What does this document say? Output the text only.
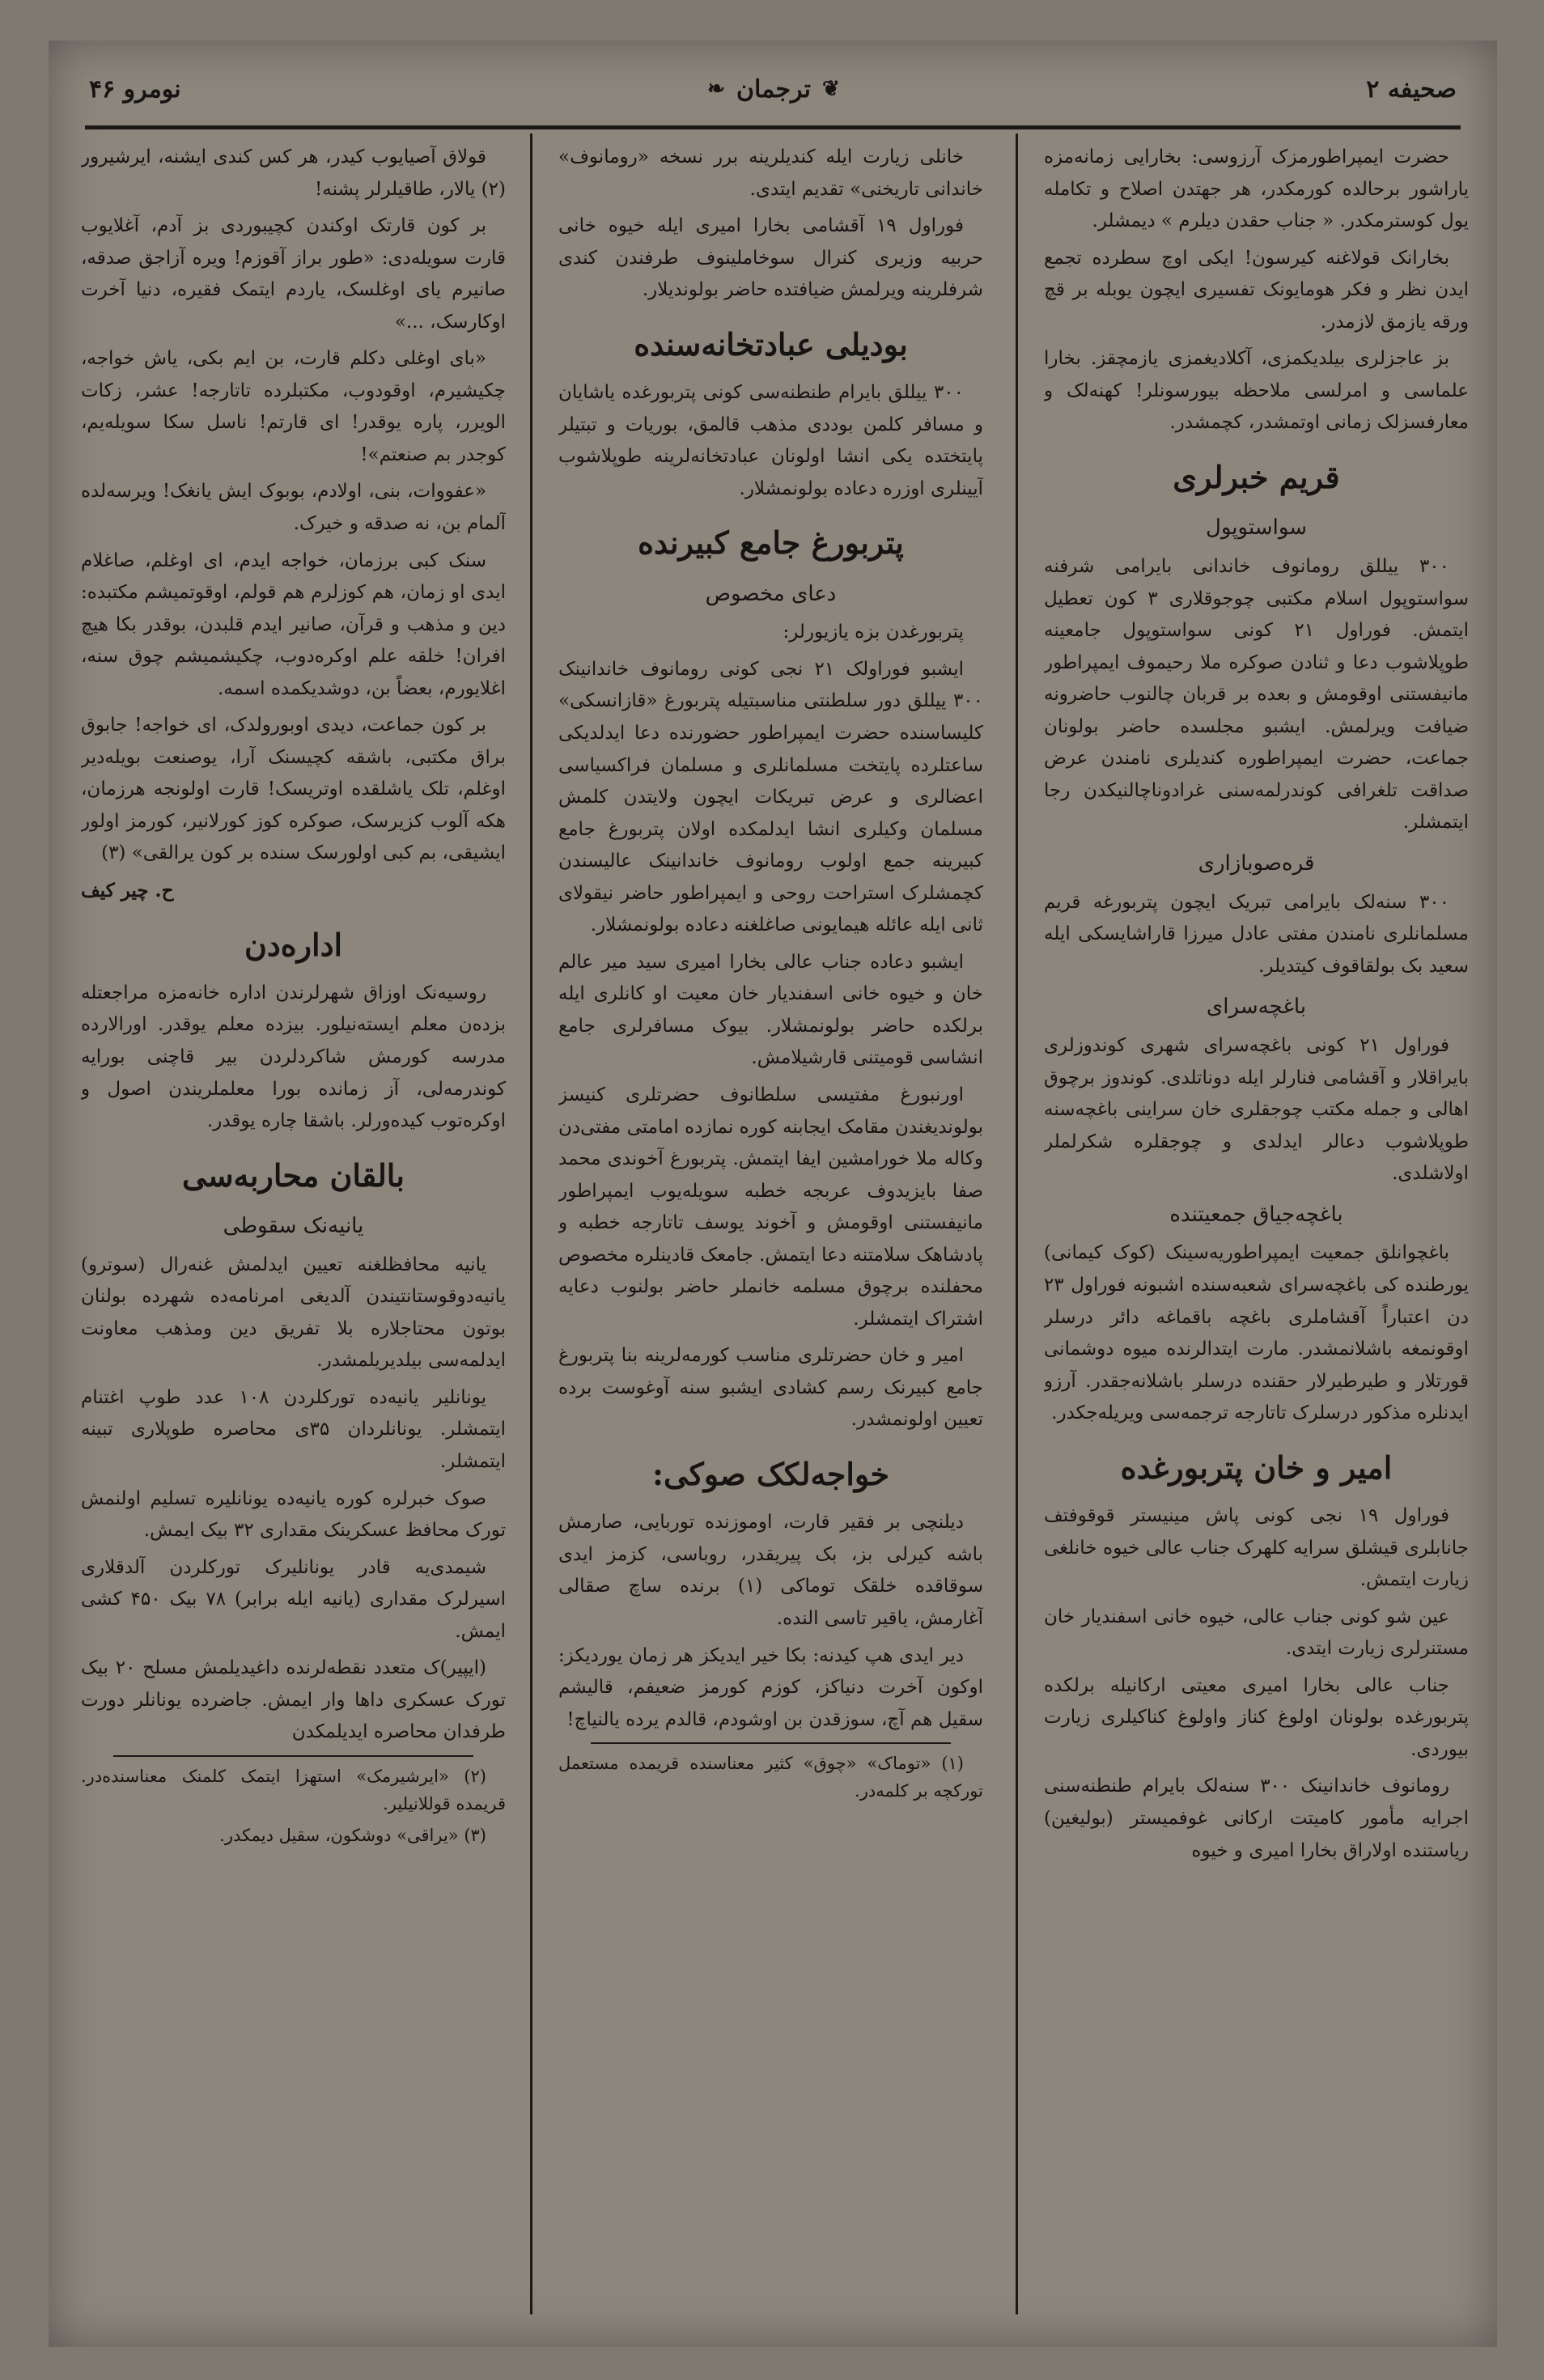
صحیفه ۲
❦
ترجمان
❧
نومرو ۴۶

حضرت ایمپراطورمزک آرزوسی: بخارایی زمانه‌مزه یاراشور برحالده کورمکدر، هر جهتدن اصلاح و تکامله یول کوسترمکدر. « جناب حقدن دیلرم » دیمشلر.

بخارانک قولاغنه کیرسون! ایکی اوچ سطرده تجمع ایدن نظر و فکر هومایونک تفسیری ایچون یوبله بر قچ ورقه یازمق لازمدر.

بز عاجزلری بیلدیکمزی، آکلادیغمزی یازمچقز. بخارا علماسی و امرلسی ملاحظه بیورسونلر! کهنه‌لک و معارفسزلک زمانی اوتمشدر، کچمشدر.

قریم خبرلری
سواستوپول

۳۰۰ ییللق رومانوف خاندانی بایرامی شرفنه سواستوپول اسلام مکتبی چوجوقلاری ۳ کون تعطیل ایتمش. فوراول ۲۱ کونی سواستوپول جامعینه طوپلاشوب دعا و ثنادن صوکره ملا رحیموف ایمپراطور مانیفستنی اوقومش و بعده بر قربان چالنوب حاضرونه ضیافت ویرلمش. ایشبو مجلسده حاضر بولونان جماعت، حضرت ایمپراطوره کندیلری نامندن عرض صداقت تلغرافی کوندرلمه‌سنی غرادوناچالنیکدن رجا ایتمشلر.

قره‌صوبازاری

۳۰۰ سنه‌لک بایرامی تبریک ایچون پتربورغه قریم مسلمانلری نامندن مفتی عادل میرزا قاراشایسکی ایله سعید بک بولقاقوف کیتدیلر.

باغچه‌سرای

فوراول ۲۱ کونی باغچه‌سرای شهری کوندوزلری بایراقلار و آقشامی فنارلر ایله دوناتلدی. کوندوز برچوق اهالی و جمله مکتب چوجقلری خان سراینی باغچه‌سنه طوپلاشوب دعالر ایدلدی و چوجقلره شکرلملر اولاشلدی.

باغچه‌جیاق جمعیتنده

باغچوانلق جمعیت ایمپراطوریه‌سینک (کوک کیمانی) یورطنده کی باغچه‌سرای شعبه‌سنده اشبونه فوراول ۲۳ دن اعتباراً آقشاملری باغچه باقماغه دائر درسلر اوقونمغه باشلانمشدر. مارت ایتدالرنده میوه دوشمانی قورتلار و طیرطیرلار حقنده درسلر باشلانه‌جقدر. آرزو ایدنلره مذکور درسلرک تاتارجه ترجمه‌سی ویریله‌جکدر.

امیر و خان پتربورغده

فوراول ۱۹ نجی کونی پاش مینیستر قوقوفتف جانابلری قیشلق سرایه کلهرک جناب عالی خیوه خانلغی زیارت ایتمش.

عین شو کونی جناب عالی، خیوه خانی اسفندیار خان مستنرلری زیارت ایتدی.

جناب عالی بخارا امیری معیتی ارکانیله برلکده پتربورغده بولونان اولوغ کناز واولوغ کناکیلری زیارت بیوردی.

رومانوف خاندانینک ۳۰۰ سنه‌لک بایرام طنطنه‌سنی اجرایه مأمور کامیتت ارکانی غوفمیستر (بولیغین) ریاستنده اولاراق بخارا امیری و خیوه

خانلی زیارت ایله کندیلرینه برر نسخه «رومانوف» خاندانی تاریخنی» تقدیم ایتدی.

فوراول ۱۹ آقشامی بخارا امیری ایله خیوه خانی حربیه وزیری کنرال سوخاملینوف طرفندن کندی شرفلرینه ویرلمش ضیافتده حاضر بولوندیلار.

بودیلی عبادتخانه‌سنده

۳۰۰ ییللق بایرام طنطنه‌سی کونی پتربورغده یاشایان و مسافر کلمن بوددی مذهب قالمق، بوریات و تبتیلر پایتختده یکی انشا اولونان عبادتخانه‌لرینه طوپلاشوب آیینلری اوزره دعاده بولونمشلار.

پتربورغ جامع کبیرنده
دعای مخصوص

پتربورغدن بزه یازیورلر:

ایشبو فوراولک ۲۱ نجی کونی رومانوف خاندانینک ۳۰۰ ییللق دور سلطنتی مناسبتیله پتربورغ «قازانسکی» کلیساسنده حضرت ایمپراطور حضورنده دعا ایدلدیکی ساعتلرده پایتخت مسلمانلری و مسلمان فراکسیاسی اعضالری و عرض تبریکات ایچون ولایتدن کلمش مسلمان وکیلری انشا ایدلمکده اولان پتربورغ جامع کبیرینه جمع اولوب رومانوف خاندانینک عالیسندن کچمشلرک استراحت روحی و ایمپراطور حاضر نیقولای ثانی ایله عائله هیمایونی صاغلغنه دعاده بولونمشلار.

ایشبو دعاده جناب عالی بخارا امیری سید میر عالم خان و خیوه خانی اسفندیار خان معیت او کانلری ایله برلکده حاضر بولونمشلار. بیوک مسافرلری جامع انشاسی قومیتنی قارشیلامش.

اورنبورغ مفتیسی سلطانوف حضرتلری کنیسز بولوندیغندن مقامک ایجابنه کوره نمازده امامتی مفتی‌دن وکاله ملا خورامشین ایفا ایتمش. پتربورغ آخوندی محمد صفا بایزیدوف عربجه خطبه سویله‌یوب ایمپراطور مانیفستنی اوقومش و آخوند یوسف تاتارجه خطبه و پادشاهک سلامتنه دعا ایتمش. جامعک قادینلره مخصوص محفلنده برچوق مسلمه خانملر حاضر بولنوب دعایه اشتراک ایتمشلر.

امیر و خان حضرتلری مناسب کورمه‌لرینه بنا پتربورغ جامع کبیرنک رسم کشادی ایشبو سنه آوغوست برده تعیین اولونمشدر.

خواجه‌لکک صوکی:

دیلنچی بر فقیر قارت، اوموزنده توربایی، صارمش باشه کیرلی بز، بک پیریقدر، روباسی، کزمز ایدی سوقاقده خلقک توماکی (۱) برنده ساچ صقالی آغارمش، یاقیر تاسی النده.

دیر ایدی هپ کیدنه: بکا خیر ایدیکز هر زمان یوردیکز: اوکون آخرت دنیاکز، کوزم کورمز ضعیفم، قالیشم سقیل هم آچ، سوزقدن بن اوشودم، قالدم یرده یالنیاچ!

(۱) «توماک» «چوق» کثیر معناسنده قریمده مستعمل تورکچه بر کلمه‌در.

قولاق آصیایوب کیدر، هر کس کندی ایشنه، ایرشیرور (۲) یالار، طاقیلرلر پشنه!

بر کون قارتک اوکندن کچیبوردی بز آدم، آغلایوب قارت سویله‌دی: «طور براز آقوزم! ویره آزاجق صدقه، صانیرم یای اوغلسک، یاردم ایتمک فقیره، دنیا آخرت اوکارسک، ...»

«بای اوغلی دکلم قارت، بن ایم بکی، یاش خواجه، چکیشیرم، اوقودوب، مکتبلرده تاتارجه! عشر، زکات الویرر، پاره یوقدر! ای قارتم! ناسل سکا سویله‌یم، کوجدر بم صنعتم»!

«عفووات، بنی، اولادم، بوبوک ایش یانغک! ویرسه‌لده آلمام بن، نه صدقه و خیرک.

سنک کبی برزمان، خواجه ایدم، ای اوغلم، صاغلام ایدی او زمان، هم کوزلرم هم قولم، اوقوتمیشم مکتبده: دین و مذهب و قرآن، صانیر ایدم قلبدن، بوقدر بکا هیچ افران! خلقه علم اوکره‌دوب، چکیشمیشم چوق سنه، اغلایورم، بعضاً بن، دوشدیکمده اسمه.

بر کون جماعت، دیدی اوبورولدک، ای خواجه! جابوق براق مکتبی، باشقه کچیسنک آرا، یوصنعت بویله‌دیر اوغلم، تلک یاشلقده اوتریسک! قارت اولونجه هرزمان، هکه آلوب کزیرسک، صوکره کوز کورلانیر، کورمز اولور ایشیقی، بم کبی اولورسک سنده بر کون یرالقی» (۳)

ح. چیر کیف
اداره‌دن

روسیه‌نک اوزاق شهرلرندن اداره خانه‌مزه مراجعتله بزده‌ن معلم ایسته‌نیلور. بیزده معلم یوقدر. اورالارده مدرسه کورمش شاکردلردن بیر قاچنی بورایه کوندرمه‌لی، آز زمانده بورا معلملریندن اصول و اوکره‌توب کیده‌ورلر. باشقا چاره یوقدر.

بالقان محاربه‌سی
یانیه‌نک سقوطی

یانیه محافظلغنه تعیین ایدلمش غنه‌رال (سوترو) یانیه‌دوقوستانتیندن آلدیغی امرنامه‌ده شهرده بولنان بوتون محتاجلاره بلا تفریق دین ومذهب معاونت ایدلمه‌سی بیلدیریلمشدر.

یونانلیر یانیه‌ده تورکلردن ۱۰۸ عدد طوپ اغتنام ایتمشلر. یونانلردان ۳۵ی محاصره طوپلاری تبینه ایتمشلر.

صوک خبرلره کوره یانیه‌ده یونانلیره تسلیم اولنمش تورک محافظ عسکرینک مقداری ۳۲ بیک ایمش.

شیمدی‌یه قادر یونانلیرک تورکلردن آلدقلاری اسیرلرک مقداری (یانیه ایله برابر) ۷۸ بیک ۴۵۰ کشی ایمش.

(ایپیر)ک متعدد نقطه‌لرنده داغیدیلمش مسلح ۲۰ بیک تورک عسکری داها وار ایمش. جاضرده یونانلر دورت طرفدان محاصره ایدیلمکدن

(۲) «ایرشیرمک» استهزا ایتمک کلمنک معناسنده‌در. قریمده قوللانیلیر.

(۳) «یراقی» دوشکون، سقیل دیمکدر.
